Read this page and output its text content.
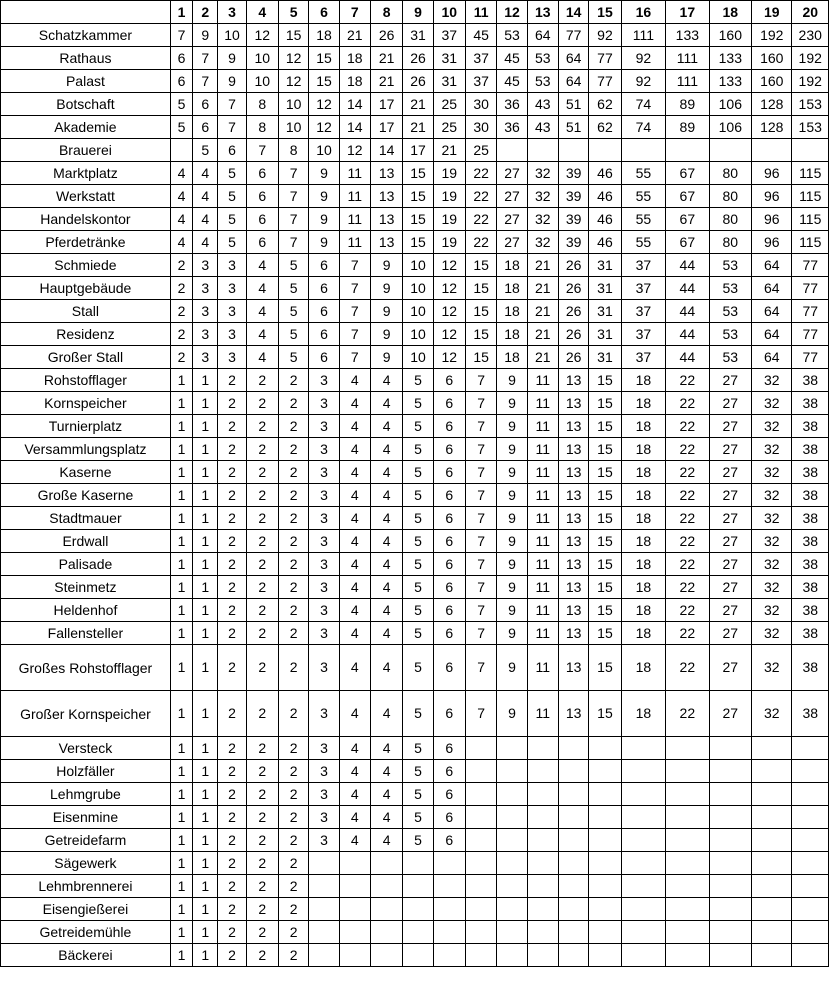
	1	2	3	4	5	6	7	8	9	10	11	12	13	14	15	16	17	18	19	20
Schatzkammer	7	9	10	12	15	18	21	26	31	37	45	53	64	77	92	111	133	160	192	230
Rathaus	6	7	9	10	12	15	18	21	26	31	37	45	53	64	77	92	111	133	160	192
Palast	6	7	9	10	12	15	18	21	26	31	37	45	53	64	77	92	111	133	160	192
Botschaft	5	6	7	8	10	12	14	17	21	25	30	36	43	51	62	74	89	106	128	153
Akademie	5	6	7	8	10	12	14	17	21	25	30	36	43	51	62	74	89	106	128	153
Brauerei		5	6	7	8	10	12	14	17	21	25									
Marktplatz	4	4	5	6	7	9	11	13	15	19	22	27	32	39	46	55	67	80	96	115
Werkstatt	4	4	5	6	7	9	11	13	15	19	22	27	32	39	46	55	67	80	96	115
Handelskontor	4	4	5	6	7	9	11	13	15	19	22	27	32	39	46	55	67	80	96	115
Pferdetränke	4	4	5	6	7	9	11	13	15	19	22	27	32	39	46	55	67	80	96	115
Schmiede	2	3	3	4	5	6	7	9	10	12	15	18	21	26	31	37	44	53	64	77
Hauptgebäude	2	3	3	4	5	6	7	9	10	12	15	18	21	26	31	37	44	53	64	77
Stall	2	3	3	4	5	6	7	9	10	12	15	18	21	26	31	37	44	53	64	77
Residenz	2	3	3	4	5	6	7	9	10	12	15	18	21	26	31	37	44	53	64	77
Großer Stall	2	3	3	4	5	6	7	9	10	12	15	18	21	26	31	37	44	53	64	77
Rohstofflager	1	1	2	2	2	3	4	4	5	6	7	9	11	13	15	18	22	27	32	38
Kornspeicher	1	1	2	2	2	3	4	4	5	6	7	9	11	13	15	18	22	27	32	38
Turnierplatz	1	1	2	2	2	3	4	4	5	6	7	9	11	13	15	18	22	27	32	38
Versammlungsplatz	1	1	2	2	2	3	4	4	5	6	7	9	11	13	15	18	22	27	32	38
Kaserne	1	1	2	2	2	3	4	4	5	6	7	9	11	13	15	18	22	27	32	38
Große Kaserne	1	1	2	2	2	3	4	4	5	6	7	9	11	13	15	18	22	27	32	38
Stadtmauer	1	1	2	2	2	3	4	4	5	6	7	9	11	13	15	18	22	27	32	38
Erdwall	1	1	2	2	2	3	4	4	5	6	7	9	11	13	15	18	22	27	32	38
Palisade	1	1	2	2	2	3	4	4	5	6	7	9	11	13	15	18	22	27	32	38
Steinmetz	1	1	2	2	2	3	4	4	5	6	7	9	11	13	15	18	22	27	32	38
Heldenhof	1	1	2	2	2	3	4	4	5	6	7	9	11	13	15	18	22	27	32	38
Fallensteller	1	1	2	2	2	3	4	4	5	6	7	9	11	13	15	18	22	27	32	38
Großes Rohstofflager	1	1	2	2	2	3	4	4	5	6	7	9	11	13	15	18	22	27	32	38
Großer Kornspeicher	1	1	2	2	2	3	4	4	5	6	7	9	11	13	15	18	22	27	32	38
Versteck	1	1	2	2	2	3	4	4	5	6										
Holzfäller	1	1	2	2	2	3	4	4	5	6										
Lehmgrube	1	1	2	2	2	3	4	4	5	6										
Eisenmine	1	1	2	2	2	3	4	4	5	6										
Getreidefarm	1	1	2	2	2	3	4	4	5	6										
Sägewerk	1	1	2	2	2															
Lehmbrennerei	1	1	2	2	2															
Eisengießerei	1	1	2	2	2															
Getreidemühle	1	1	2	2	2															
Bäckerei	1	1	2	2	2															
